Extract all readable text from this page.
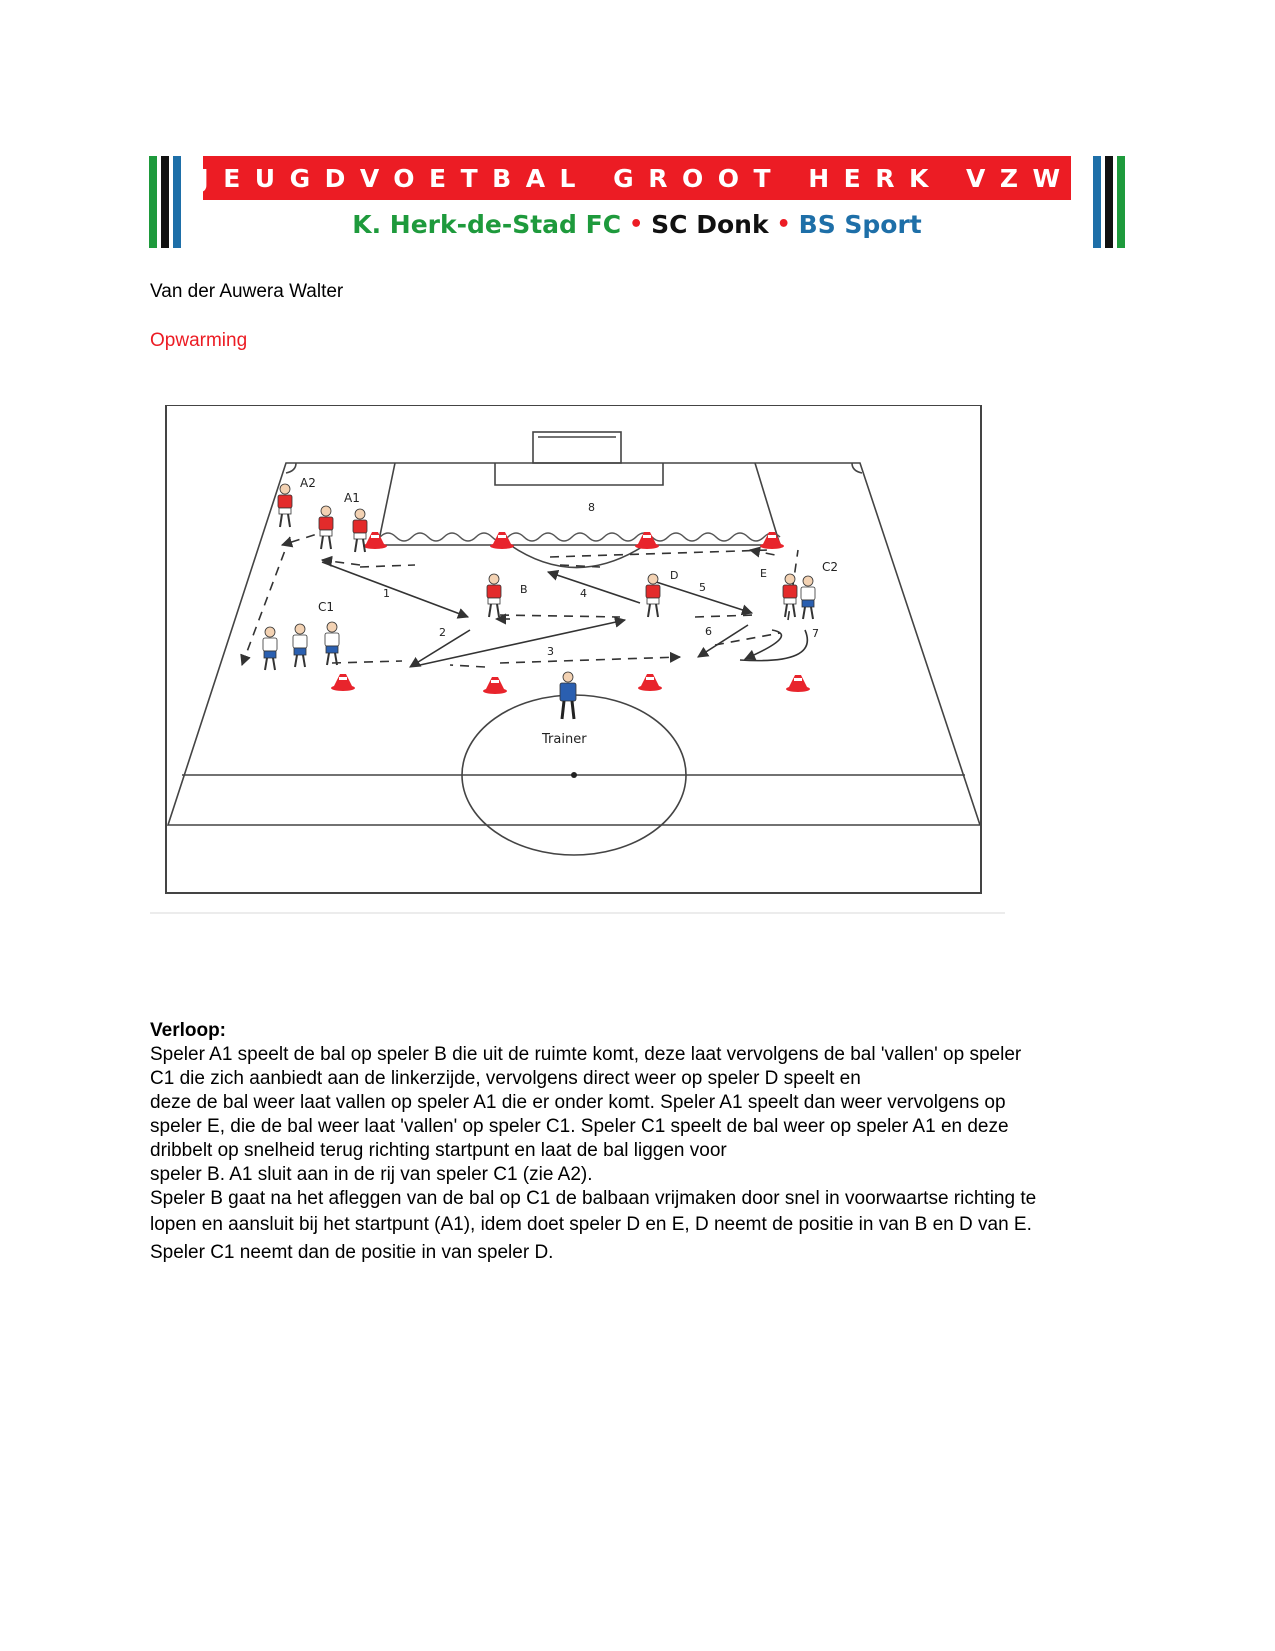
JEUGDVOETBAL GROOT HERK VZW
K. Herk-de-Stad FC • SC Donk • BS Sport
Van der Auwera Walter
Opwarming
A2
A1
C1
B
D	E	C2
1
2
3
4	5
6	7
8
Trainer

Verloop:

Speler A1 speelt de bal op speler B die uit de ruimte komt, deze laat vervolgens de bal 'vallen' op speler

C1 die zich aanbiedt aan de linkerzijde, vervolgens direct weer op speler D speelt en

deze de bal weer laat vallen op speler A1 die er onder komt. Speler A1 speelt dan weer vervolgens op

speler E, die de bal weer laat 'vallen' op speler C1. Speler C1 speelt de bal weer op speler A1 en deze

dribbelt op snelheid terug richting startpunt en laat de bal liggen voor

speler B. A1 sluit aan in de rij van speler C1 (zie A2).

Speler B gaat na het afleggen van de bal op C1 de balbaan vrijmaken door snel in voorwaartse richting te

lopen en aansluit bij het startpunt (A1), idem doet speler D en E, D neemt de positie in van B en D van E.

Speler C1 neemt dan de positie in van speler D.
